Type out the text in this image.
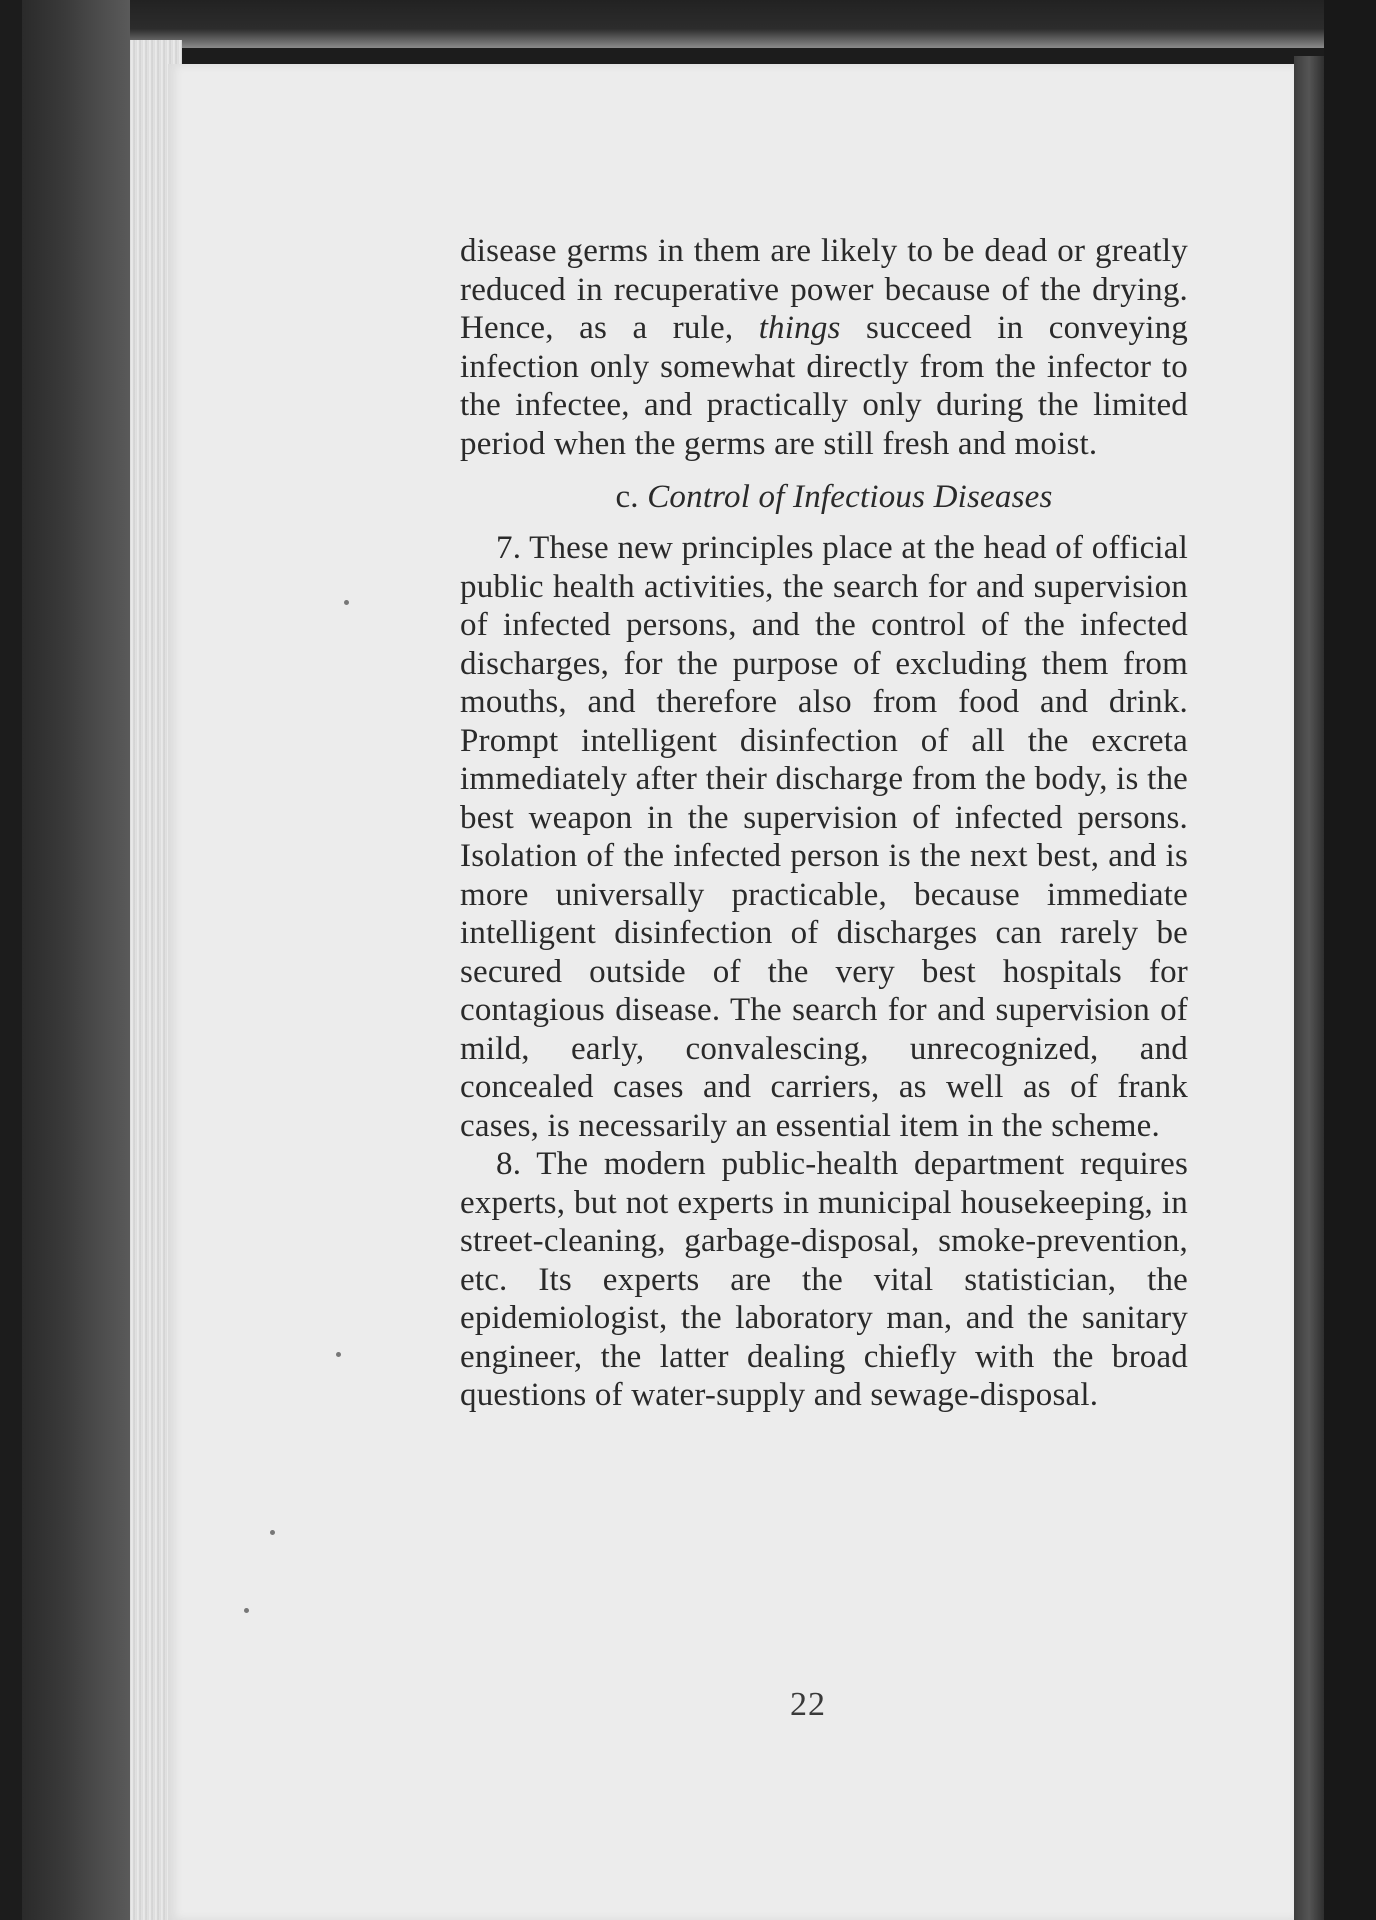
disease germs in them are likely to be dead or greatly reduced in recuperative power because of the drying. Hence, as a rule, things succeed in conveying infection only somewhat directly from the infector to the infectee, and practically only during the limited period when the germs are still fresh and moist.

c. Control of Infectious Diseases

7. These new principles place at the head of official public health activities, the search for and supervision of infected persons, and the control of the infected discharges, for the purpose of excluding them from mouths, and therefore also from food and drink. Prompt intelligent disinfection of all the excreta immediately after their discharge from the body, is the best weapon in the supervision of infected persons. Isolation of the infected person is the next best, and is more universally practicable, because immediate intelligent disinfection of discharges can rarely be secured outside of the very best hospitals for contagious disease. The search for and supervision of mild, early, convalescing, unrecognized, and concealed cases and carriers, as well as of frank cases, is necessarily an essential item in the scheme.

8. The modern public-health department requires experts, but not experts in municipal housekeeping, in street-cleaning, garbage-disposal, smoke-prevention, etc. Its experts are the vital statistician, the epidemiologist, the laboratory man, and the sanitary engineer, the latter dealing chiefly with the broad questions of water-supply and sewage-disposal.

22
